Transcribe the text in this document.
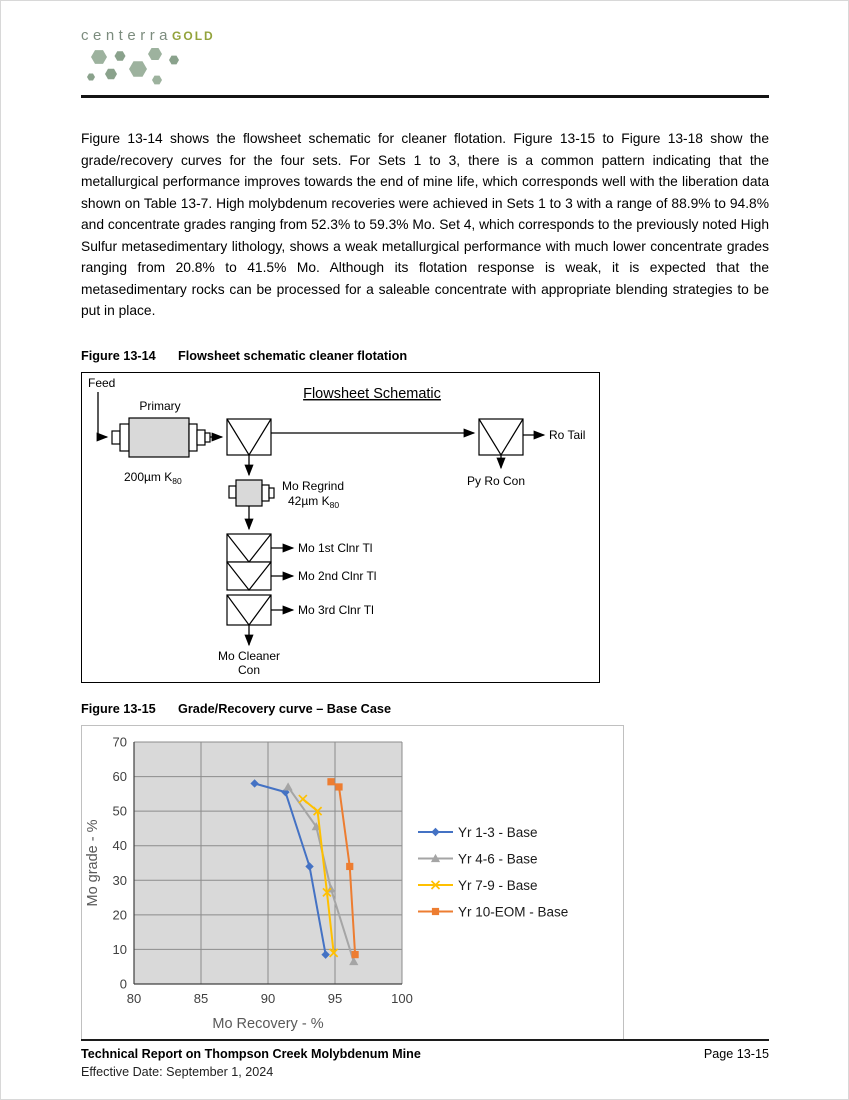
centerraGOLD

Figure 13-14 shows the flowsheet schematic for cleaner flotation. Figure 13-15 to Figure 13-18 show the grade/recovery curves for the four sets. For Sets 1 to 3, there is a common pattern indicating that the metallurgical performance improves towards the end of mine life, which corresponds well with the liberation data shown on Table 13-7. High molybdenum recoveries were achieved in Sets 1 to 3 with a range of 88.9% to 94.8% and concentrate grades ranging from 52.3% to 59.3% Mo. Set 4, which corresponds to the previously noted High Sulfur metasedimentary lithology, shows a weak metallurgical performance with much lower concentrate grades ranging from 20.8% to 41.5% Mo. Although its flotation response is weak, it is expected that the metasedimentary rocks can be processed for a saleable concentrate with appropriate blending strategies to be put in place.

Figure 13-14 Flowsheet schematic cleaner flotation
Flowsheet Schematic
Feed
Primary
200µm $K_{80}$
Ro Tail
Py Ro Con
Mo Regrind
42µm $K_{80}$
Mo 1st Clnr Tl
Mo 2nd Clnr Tl
Mo 3rd Clnr Tl
Mo Cleaner
Con
Figure 13-15 Grade/Recovery curve – Base Case
80	85	90	95	100
0
10
20
30
40
50
60
70
Mo Recovery - %
Mo grade - %	Yr 1-3 - Base
Yr 4-6 - Base
Yr 7-9 - Base
Yr 10-EOM - Base
Technical Report on Thompson Creek Molybdenum Mine	Page 13-15
Effective Date: September 1, 2024
